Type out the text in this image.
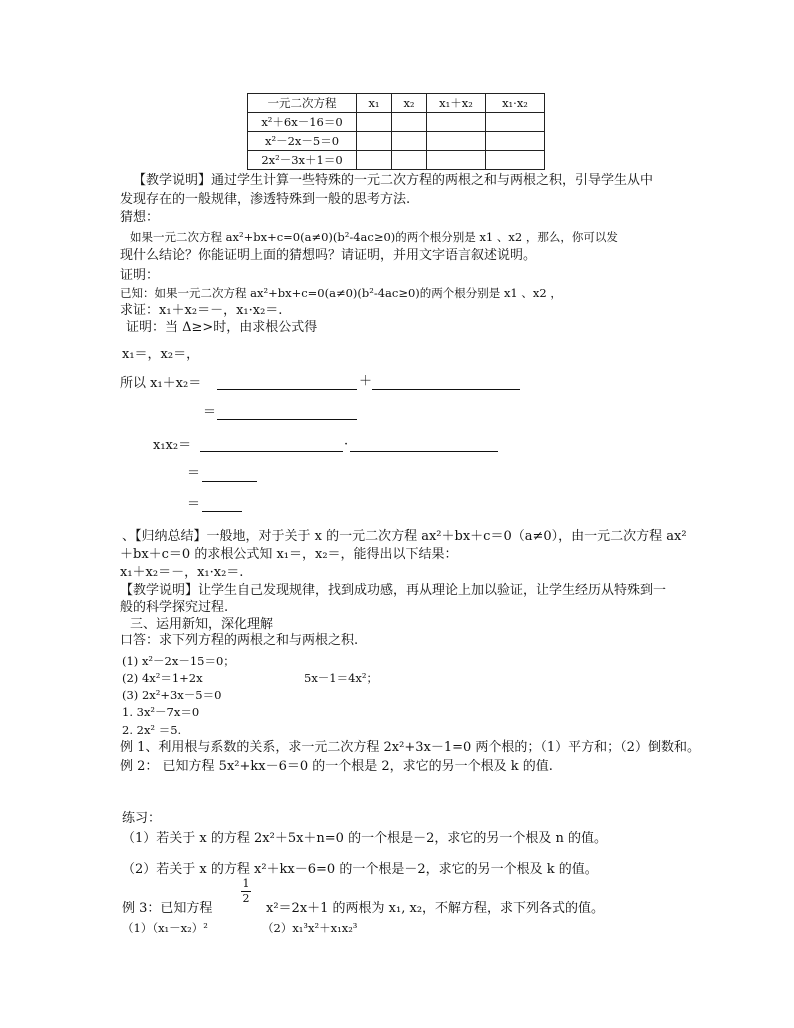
一元二次方程	x₁	x₂	x₁＋x₂	x₁·x₂
x²＋6x－16＝0				
x²－2x－5＝0				
2x²－3x＋1＝0				
【教学说明】通过学生计算一些特殊的一元二次方程的两根之和与两根之积，引导学生从中
发现存在的一般规律，渗透特殊到一般的思考方法.
猜想：
如果一元二次方程 ax²+bx+c=0(a≠0)(b²-4ac≥0)的两个根分别是 x1 、x2 ，那么，你可以发
现什么结论？你能证明上面的猜想吗？请证明，并用文字语言叙述说明。
证明：
已知：如果一元二次方程 ax²+bx+c=0(a≠0)(b²-4ac≥0)的两个根分别是 x1 、x2 ，
求证：x₁＋x₂＝－，x₁·x₂＝.
证明：当 Δ≥>时，由求根公式得
x₁＝，x₂＝，
所以 x₁＋x₂＝	＋
＝
x₁x₂＝	·
＝
＝
、【归纳总结】一般地，对于关于 x 的一元二次方程 ax²＋bx＋c＝0（a≠0），由一元二次方程 ax²
＋bx＋c＝0 的求根公式知 x₁＝，x₂＝，能得出以下结果：
x₁＋x₂＝－，x₁·x₂＝.
【教学说明】让学生自己发现规律，找到成功感，再从理论上加以验证，让学生经历从特殊到一
般的科学探究过程.
三、运用新知，深化理解
口答：求下列方程的两根之和与两根之积.
(1) x²－2x－15＝0；
(2) 4x²＝1+2x	5x－1＝4x²；
(3) 2x²+3x－5＝0
1. 3x²－7x＝0
2. 2x² ＝5.
例 1、利用根与系数的关系，求一元二次方程 2x²+3x－1=0 两个根的；（1）平方和；（2）倒数和。
例 2： 已知方程 5x²+kx－6＝0 的一个根是 2，求它的另一个根及 k 的值.
练习：
（1）若关于 x 的方程 2x²＋5x＋n=0 的一个根是－2，求它的另一个根及 n 的值。
（2）若关于 x 的方程 x²＋kx－6=0 的一个根是－2，求它的另一个根及 k 的值。
例 3：已知方程
1
2
x²＝2x＋1 的两根为 x₁, x₂，不解方程，求下列各式的值。
（1）（x₁－x₂）²	（2）x₁³x²＋x₁x₂³
